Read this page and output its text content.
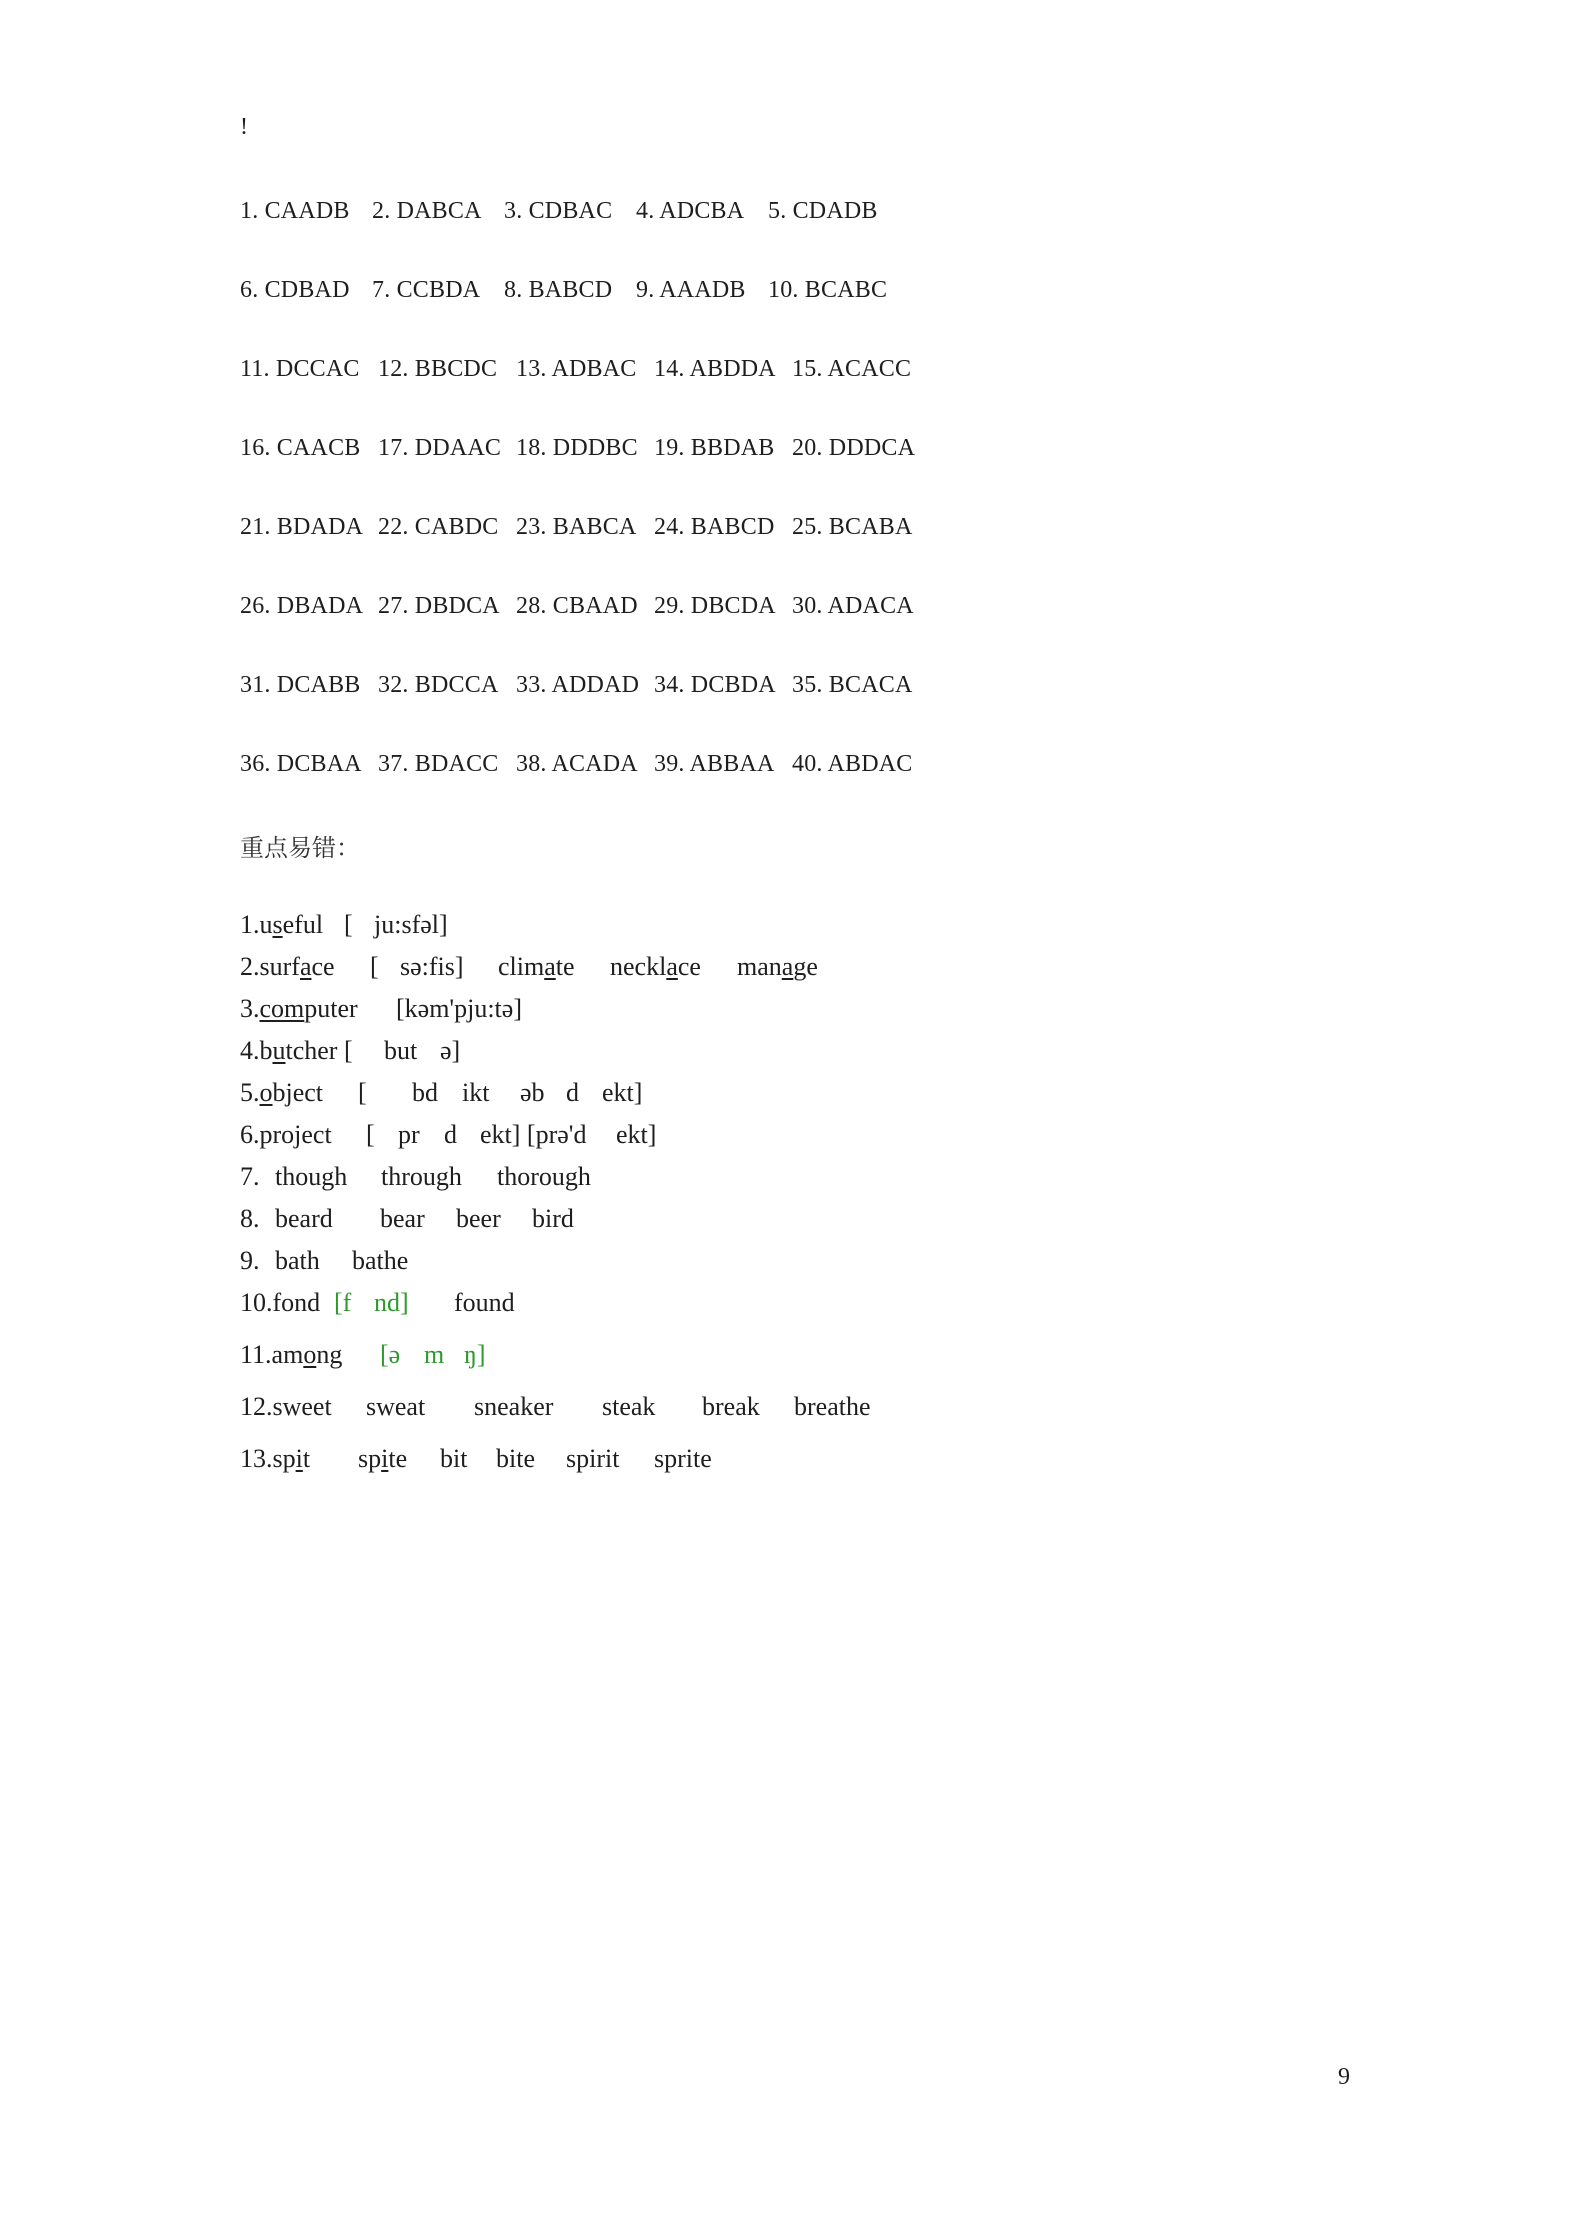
!
1. CAADB 2. DABCA 3. CDBAC 4. ADCBA 5. CDADB
6. CDBAD 7. CCBDA 8. BABCD 9. AAADB 10. BCABC
11. DCCAC 12. BBCDC 13. ADBAC 14. ABDDA 15. ACACC
16. CAACB 17. DDAAC 18. DDDBC 19. BBDAB 20. DDDCA
21. BDADA 22. CABDC 23. BABCA 24. BABCD 25. BCABA
26. DBADA 27. DBDCA 28. CBAAD 29. DBCDA 30. ADACA
31. DCABB 32. BDCCA 33. ADDAD 34. DCBDA 35. BCACA
36. DCBAA 37. BDACC 38. ACADA 39. ABBAA 40. ABDAC
重点易错：
1.useful [ ju:sfəl]
2.surface [ sə:fis] climate necklace manage
3.computer [kəm'pju:tə]
4.butcher [ but ə]
5.object [ bd ikt əb d ekt]
6.project [ pr d ekt] [prə'd ekt]
7. though through thorough
8. beard bear beer bird
9. bath bathe
10.fond [f nd] found
11.among [ə m ŋ]
12.sweet sweat sneaker steak break breathe
13.spit spite bit bite spirit sprite
9
